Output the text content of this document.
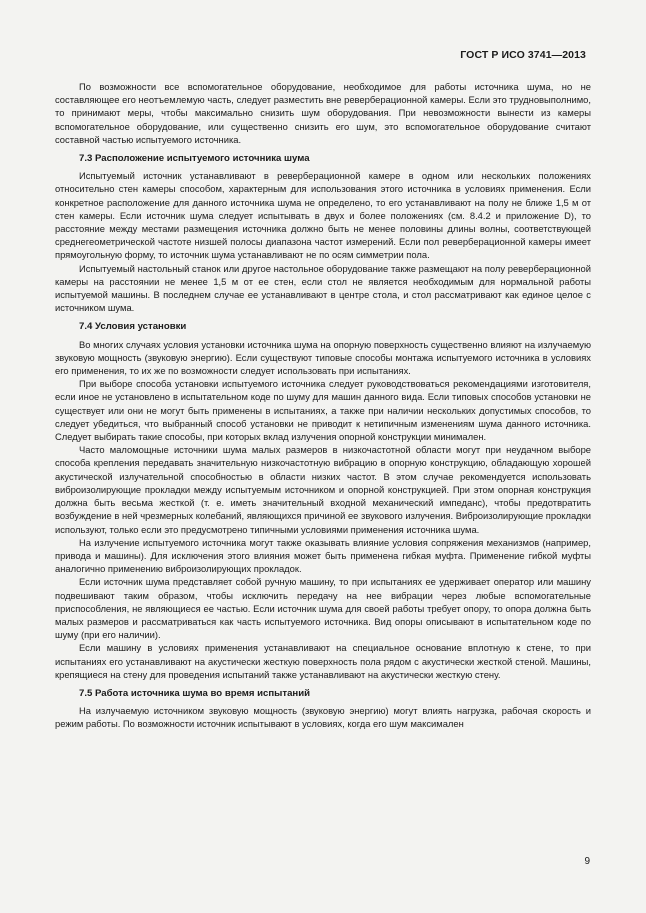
ГОСТ Р ИСО 3741—2013

По возможности все вспомогательное оборудование, необходимое для работы источника шума, но не составляющее его неотъемлемую часть, следует разместить вне реверберационной камеры. Если это трудновыполнимо, то принимают меры, чтобы максимально снизить шум оборудования. При невозможности вынести из камеры вспомогательное оборудование, или существенно снизить его шум, это вспомогательное оборудование считают составной частью испытуемого источника.

7.3 Расположение испытуемого источника шума

Испытуемый источник устанавливают в реверберационной камере в одном или нескольких положениях относительно стен камеры способом, характерным для использования этого источника в условиях применения. Если конкретное расположение для данного источника шума не определено, то его устанавливают на полу не ближе 1,5 м от стен камеры. Если источник шума следует испытывать в двух и более положениях (см. 8.4.2 и приложение D), то расстояние между местами размещения источника должно быть не менее половины длины волны, соответствующей среднегеометрической частоте низшей полосы диапазона частот измерений. Если пол реверберационной камеры имеет прямоугольную форму, то источник шума устанавливают не по осям симметрии пола.

Испытуемый настольный станок или другое настольное оборудование также размещают на полу реверберационной камеры на расстоянии не менее 1,5 м от ее стен, если стол не является необходимым для нормальной работы испытуемой машины. В последнем случае ее устанавливают в центре стола, и стол рассматривают как единое целое с источником шума.

7.4 Условия установки

Во многих случаях условия установки источника шума на опорную поверхность существенно влияют на излучаемую звуковую мощность (звуковую энергию). Если существуют типовые способы монтажа испытуемого источника в условиях его применения, то их же по возможности следует использовать при испытаниях.

При выборе способа установки испытуемого источника следует руководствоваться рекомендациями изготовителя, если иное не установлено в испытательном коде по шуму для машин данного вида. Если типовых способов установки не существует или они не могут быть применены в испытаниях, а также при наличии нескольких допустимых способов, то следует убедиться, что выбранный способ установки не приводит к нетипичным изменениям шума данного источника. Следует выбирать такие способы, при которых вклад излучения опорной конструкции минимален.

Часто маломощные источники шума малых размеров в низкочастотной области могут при неудачном выборе способа крепления передавать значительную низкочастотную вибрацию в опорную конструкцию, обладающую хорошей акустической излучательной способностью в области низких частот. В этом случае рекомендуется использовать виброизолирующие прокладки между испытуемым источником и опорной конструкцией. При этом опорная конструкция должна быть весьма жесткой (т. е. иметь значительный входной механический импеданс), чтобы предотвратить возбуждение в ней чрезмерных колебаний, являющихся причиной ее звукового излучения. Виброизолирующие прокладки используют, только если это предусмотрено типичными условиями применения источника шума.

На излучение испытуемого источника могут также оказывать влияние условия сопряжения механизмов (например, привода и машины). Для исключения этого влияния может быть применена гибкая муфта. Применение гибкой муфты аналогично применению виброизолирующих прокладок.

Если источник шума представляет собой ручную машину, то при испытаниях ее удерживает оператор или машину подвешивают таким образом, чтобы исключить передачу на нее вибрации через любые вспомогательные приспособления, не являющиеся ее частью. Если источник шума для своей работы требует опору, то опора должна быть малых размеров и рассматриваться как часть испытуемого источника. Вид опоры описывают в испытательном коде по шуму (при его наличии).

Если машину в условиях применения устанавливают на специальное основание вплотную к стене, то при испытаниях его устанавливают на акустически жесткую поверхность пола рядом с акустически жесткой стеной. Машины, крепящиеся на стену для проведения испытаний также устанавливают на акустически жесткую стену.

7.5 Работа источника шума во время испытаний

На излучаемую источником звуковую мощность (звуковую энергию) могут влиять нагрузка, рабочая скорость и режим работы. По возможности источник испытывают в условиях, когда его шум максимален

9
